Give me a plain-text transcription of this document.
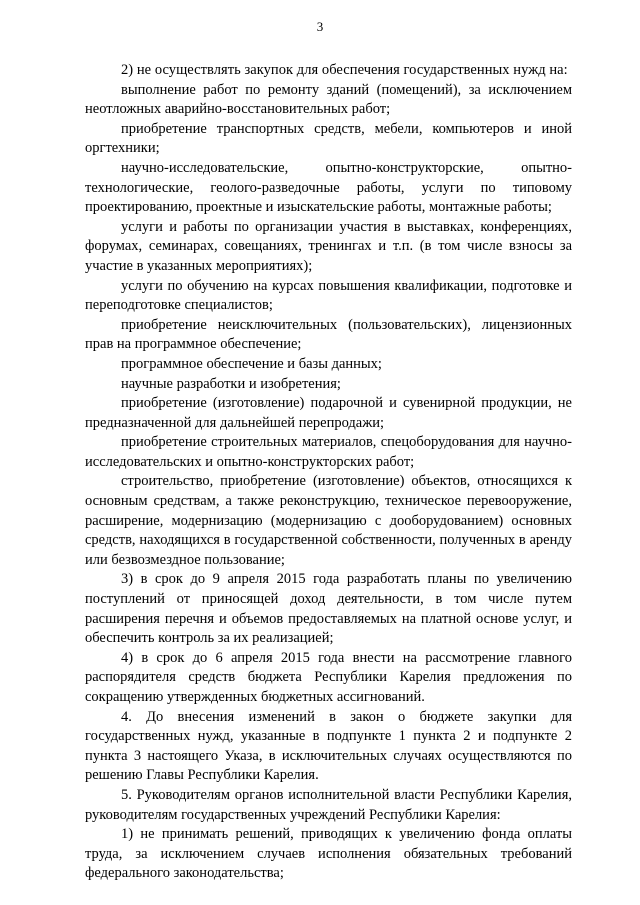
3

2) не осуществлять закупок для обеспечения государственных нужд на:

выполнение работ по ремонту зданий (помещений), за исключением неотложных аварийно-восстановительных работ;

приобретение транспортных средств, мебели, компьютеров и иной оргтехники;

научно-исследовательские, опытно-конструкторские, опытно-технологические, геолого-разведочные работы, услуги по типовому проектированию, проектные и изыскательские работы, монтажные работы;

услуги и работы по организации участия в выставках, конференциях, форумах, семинарах, совещаниях, тренингах и т.п. (в том числе взносы за участие в указанных мероприятиях);

услуги по обучению на курсах повышения квалификации, подготовке и переподготовке специалистов;

приобретение неисключительных (пользовательских), лицензионных прав на программное обеспечение;

программное обеспечение и базы данных;

научные разработки и изобретения;

приобретение (изготовление) подарочной и сувенирной продукции, не предназначенной для дальнейшей перепродажи;

приобретение строительных материалов, спецоборудования для научно-исследовательских и опытно-конструкторских работ;

строительство, приобретение (изготовление) объектов, относящихся к основным средствам, а также реконструкцию, техническое перевооружение, расширение, модернизацию (модернизацию с дооборудованием) основных средств, находящихся в государственной собственности, полученных в аренду или безвозмездное пользование;

3) в срок до 9 апреля 2015 года разработать планы по увеличению поступлений от приносящей доход деятельности, в том числе путем расширения перечня и объемов предоставляемых на платной основе услуг, и обеспечить контроль за их реализацией;

4) в срок до 6 апреля 2015 года внести на рассмотрение главного распорядителя средств бюджета Республики Карелия предложения по сокращению утвержденных бюджетных ассигнований.

4. До внесения изменений в закон о бюджете закупки для государственных нужд, указанные в подпункте 1 пункта 2 и подпункте 2 пункта 3 настоящего Указа, в исключительных случаях осуществляются по решению Главы Республики Карелия.

5. Руководителям органов исполнительной власти Республики Карелия, руководителям государственных учреждений Республики Карелия:

1) не принимать решений, приводящих к увеличению фонда оплаты труда, за исключением случаев исполнения обязательных требований федерального законодательства;
